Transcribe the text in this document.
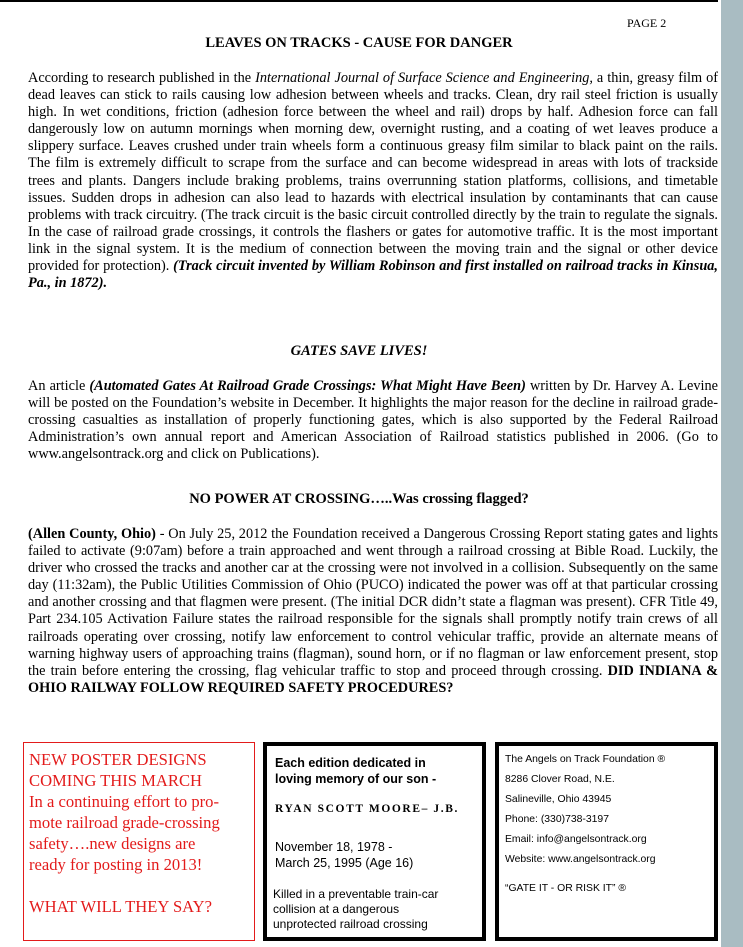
PAGE 2
LEAVES ON TRACKS - CAUSE FOR DANGER
According to research published in the International Journal of Surface Science and Engineering, a thin, greasy film of dead leaves can stick to rails causing low adhesion between wheels and tracks. Clean, dry rail steel friction is usually high. In wet conditions, friction (adhesion force between the wheel and rail) drops by half. Adhesion force can fall dangerously low on autumn mornings when morning dew, overnight rusting, and a coating of wet leaves produce a slippery surface. Leaves crushed under train wheels form a continuous greasy film similar to black paint on the rails. The film is extremely difficult to scrape from the surface and can become widespread in areas with lots of trackside trees and plants. Dangers include braking problems, trains overrunning station platforms, collisions, and timetable issues. Sudden drops in adhesion can also lead to hazards with electrical insulation by contaminants that can cause problems with track circuitry. (The track circuit is the basic circuit controlled directly by the train to regulate the signals. In the case of railroad grade crossings, it controls the flashers or gates for automotive traffic. It is the most important link in the signal system. It is the medium of connection between the moving train and the signal or other device provided for protection). (Track circuit invented by William Robinson and first installed on railroad tracks in Kinsua, Pa., in 1872).
GATES SAVE LIVES!
An article (Automated Gates At Railroad Grade Crossings: What Might Have Been) written by Dr. Harvey A. Levine will be posted on the Foundation’s website in December. It highlights the major reason for the decline in railroad grade-crossing casualties as installation of properly functioning gates, which is also supported by the Federal Railroad Administration’s own annual report and American Association of Railroad statistics published in 2006. (Go to www.angelsontrack.org and click on Publications).
NO POWER AT CROSSING…..Was crossing flagged?
(Allen County, Ohio) - On July 25, 2012 the Foundation received a Dangerous Crossing Report stating gates and lights failed to activate (9:07am) before a train approached and went through a railroad crossing at Bible Road. Luckily, the driver who crossed the tracks and another car at the crossing were not involved in a collision. Subsequently on the same day (11:32am), the Public Utilities Commission of Ohio (PUCO) indicated the power was off at that particular crossing and another crossing and that flagmen were present. (The initial DCR didn’t state a flagman was present). CFR Title 49, Part 234.105 Activation Failure states the railroad responsible for the signals shall promptly notify train crews of all railroads operating over crossing, notify law enforcement to control vehicular traffic, provide an alternate means of warning highway users of approaching trains (flagman), sound horn, or if no flagman or law enforcement present, stop the train before entering the crossing, flag vehicular traffic to stop and proceed through crossing. DID INDIANA & OHIO RAILWAY FOLLOW REQUIRED SAFETY PROCEDURES?
NEW POSTER DESIGNS
COMING THIS MARCH
In a continuing effort to pro-
mote railroad grade-crossing
safety….new designs are
ready for posting in 2013!
WHAT WILL THEY SAY?
Each edition dedicated in
loving memory of our son -
RYAN SCOTT MOORE– J.B.
November 18, 1978 -
March 25, 1995 (Age 16)
Killed in a preventable train-car
collision at a dangerous
unprotected railroad crossing
The Angels on Track Foundation ®
8286 Clover Road, N.E.
Salineville, Ohio 43945
Phone: (330)738-3197
Email: info@angelsontrack.org
Website: www.angelsontrack.org
“GATE IT - OR RISK IT” ®
